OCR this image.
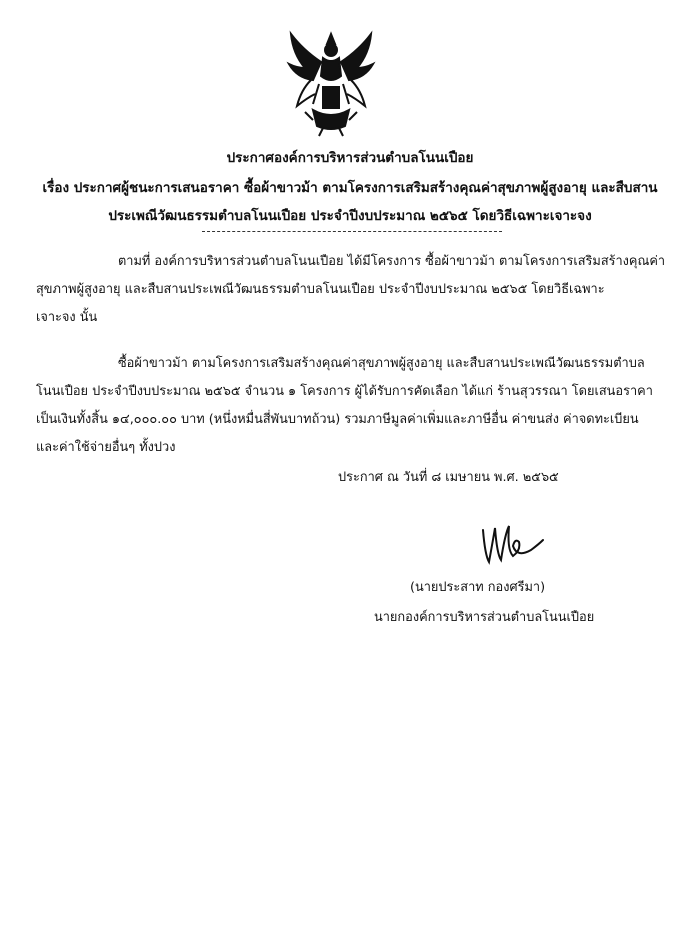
ประกาศองค์การบริหารส่วนตำบลโนนเปือย
เรื่อง ประกาศผู้ชนะการเสนอราคา ซื้อผ้าขาวม้า ตามโครงการเสริมสร้างคุณค่าสุขภาพผู้สูงอายุ และสืบสาน
ประเพณีวัฒนธรรมตำบลโนนเปือย ประจำปีงบประมาณ ๒๕๖๕ โดยวิธีเฉพาะเจาะจง
ตามที่ องค์การบริหารส่วนตำบลโนนเปือย ได้มีโครงการ ซื้อผ้าขาวม้า ตามโครงการเสริมสร้างคุณค่า
สุขภาพผู้สูงอายุ และสืบสานประเพณีวัฒนธรรมตำบลโนนเปือย ประจำปีงบประมาณ ๒๕๖๕ โดยวิธีเฉพาะ
เจาะจง นั้น
ซื้อผ้าขาวม้า ตามโครงการเสริมสร้างคุณค่าสุขภาพผู้สูงอายุ และสืบสานประเพณีวัฒนธรรมตำบล
โนนเปือย ประจำปีงบประมาณ ๒๕๖๕ จำนวน ๑ โครงการ ผู้ได้รับการคัดเลือก ได้แก่ ร้านสุวรรณา โดยเสนอราคา
เป็นเงินทั้งสิ้น ๑๔,๐๐๐.๐๐ บาท (หนึ่งหมื่นสี่พันบาทถ้วน) รวมภาษีมูลค่าเพิ่มและภาษีอื่น ค่าขนส่ง ค่าจดทะเบียน
และค่าใช้จ่ายอื่นๆ ทั้งปวง
ประกาศ ณ วันที่ ๘ เมษายน พ.ศ. ๒๕๖๕
(นายประสาท กองศรีมา)
นายกองค์การบริหารส่วนตำบลโนนเปือย
